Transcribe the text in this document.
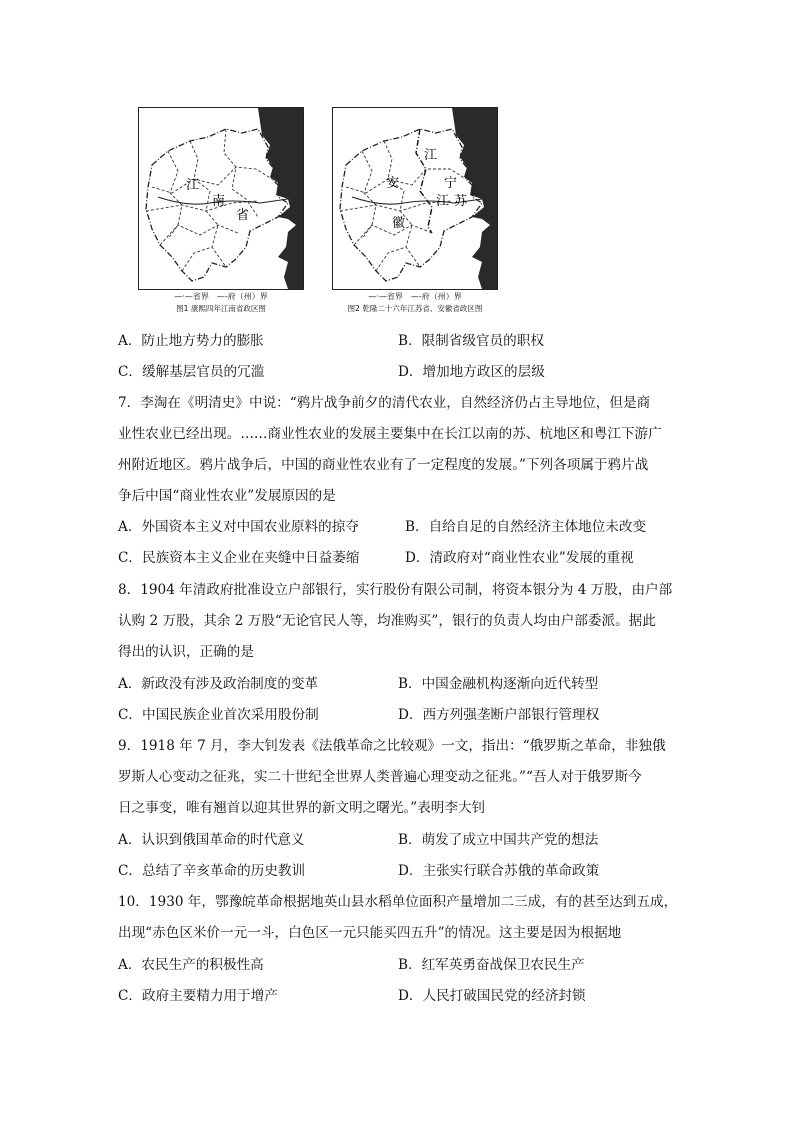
江
南
省
—·—省界　—-府（州）界
图1 康熙四年江南省政区图
江
安	宁
江 苏
徽
—·—省界　—-府（州）界
图2 乾隆二十六年江苏省、安徽省政区图
A．防止地方势力的膨胀	B．限制省级官员的职权
C．缓解基层官员的冗滥	D．增加地方政区的层级
7．李淘在《明清史》中说：“鸦片战争前夕的清代农业，自然经济仍占主导地位，但是商
业性农业已经出现。……商业性农业的发展主要集中在长江以南的苏、杭地区和粤江下游广
州附近地区。鸦片战争后，中国的商业性农业有了一定程度的发展。”下列各项属于鸦片战
争后中国“商业性农业”发展原因的是
A．外国资本主义对中国农业原料的掠夺	B．自给自足的自然经济主体地位未改变
C．民族资本主义企业在夹缝中日益萎缩	D．清政府对“商业性农业”发展的重视
8．1904 年清政府批准设立户部银行，实行股份有限公司制，将资本银分为 4 万股，由户部
认购 2 万股，其余 2 万股“无论官民人等，均准购买”，银行的负责人均由户部委派。据此
得出的认识，正确的是
A．新政没有涉及政治制度的变革	B．中国金融机构逐渐向近代转型
C．中国民族企业首次采用股份制	D．西方列强垄断户部银行管理权
9．1918 年 7 月，李大钊发表《法俄革命之比较观》一文，指出：“俄罗斯之革命，非独俄
罗斯人心变动之征兆，实二十世纪全世界人类普遍心理变动之征兆。”“吾人对于俄罗斯今
日之事变，唯有翘首以迎其世界的新文明之曙光。”表明李大钊
A．认识到俄国革命的时代意义	B．萌发了成立中国共产党的想法
C．总结了辛亥革命的历史教训	D．主张实行联合苏俄的革命政策
10．1930 年，鄂豫皖革命根据地英山县水稻单位面积产量增加二三成，有的甚至达到五成，
出现“赤色区米价一元一斗，白色区一元只能买四五升”的情况。这主要是因为根据地
A．农民生产的积极性高	B．红军英勇奋战保卫农民生产
C．政府主要精力用于增产	D．人民打破国民党的经济封锁
